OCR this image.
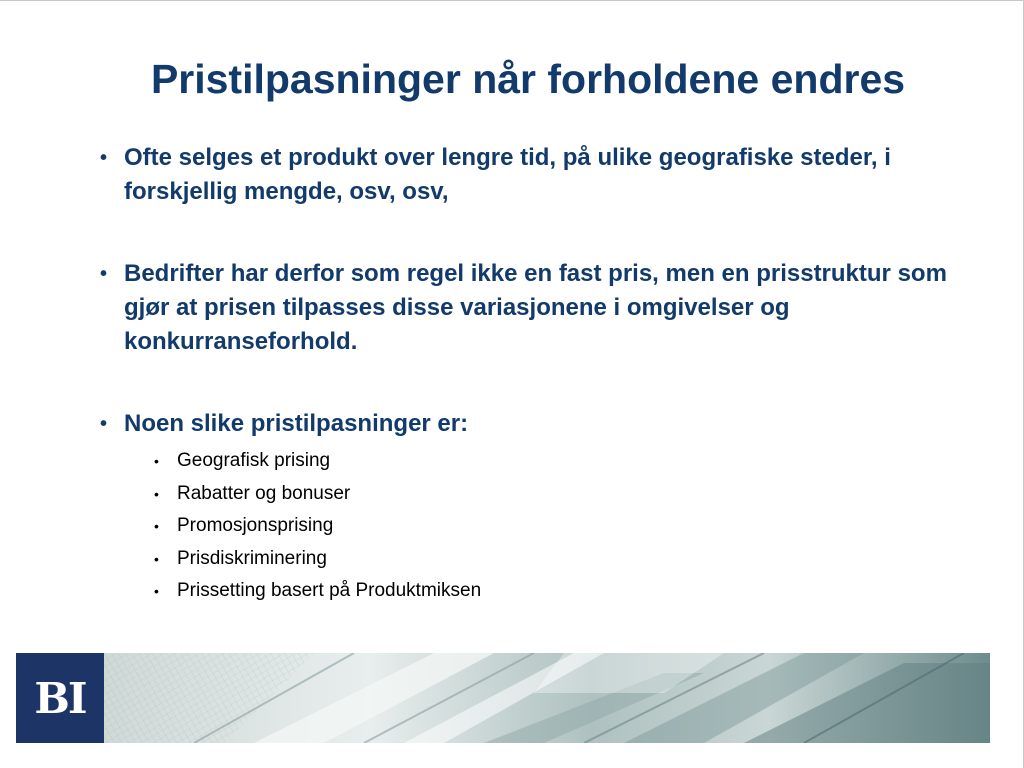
Pristilpasninger når forholdene endres
• Ofte selges et produkt over lengre tid, på ulike geografiske steder, i forskjellig mengde, osv, osv,
• Bedrifter har derfor som regel ikke en fast pris, men en prisstruktur som gjør at prisen tilpasses disse variasjonene i omgivelser og konkurranseforhold.
• Noen slike pristilpasninger er:
• Geografisk prising
• Rabatter og bonuser
• Promosjonsprising
• Prisdiskriminering
• Prissetting basert på Produktmiksen
BI
